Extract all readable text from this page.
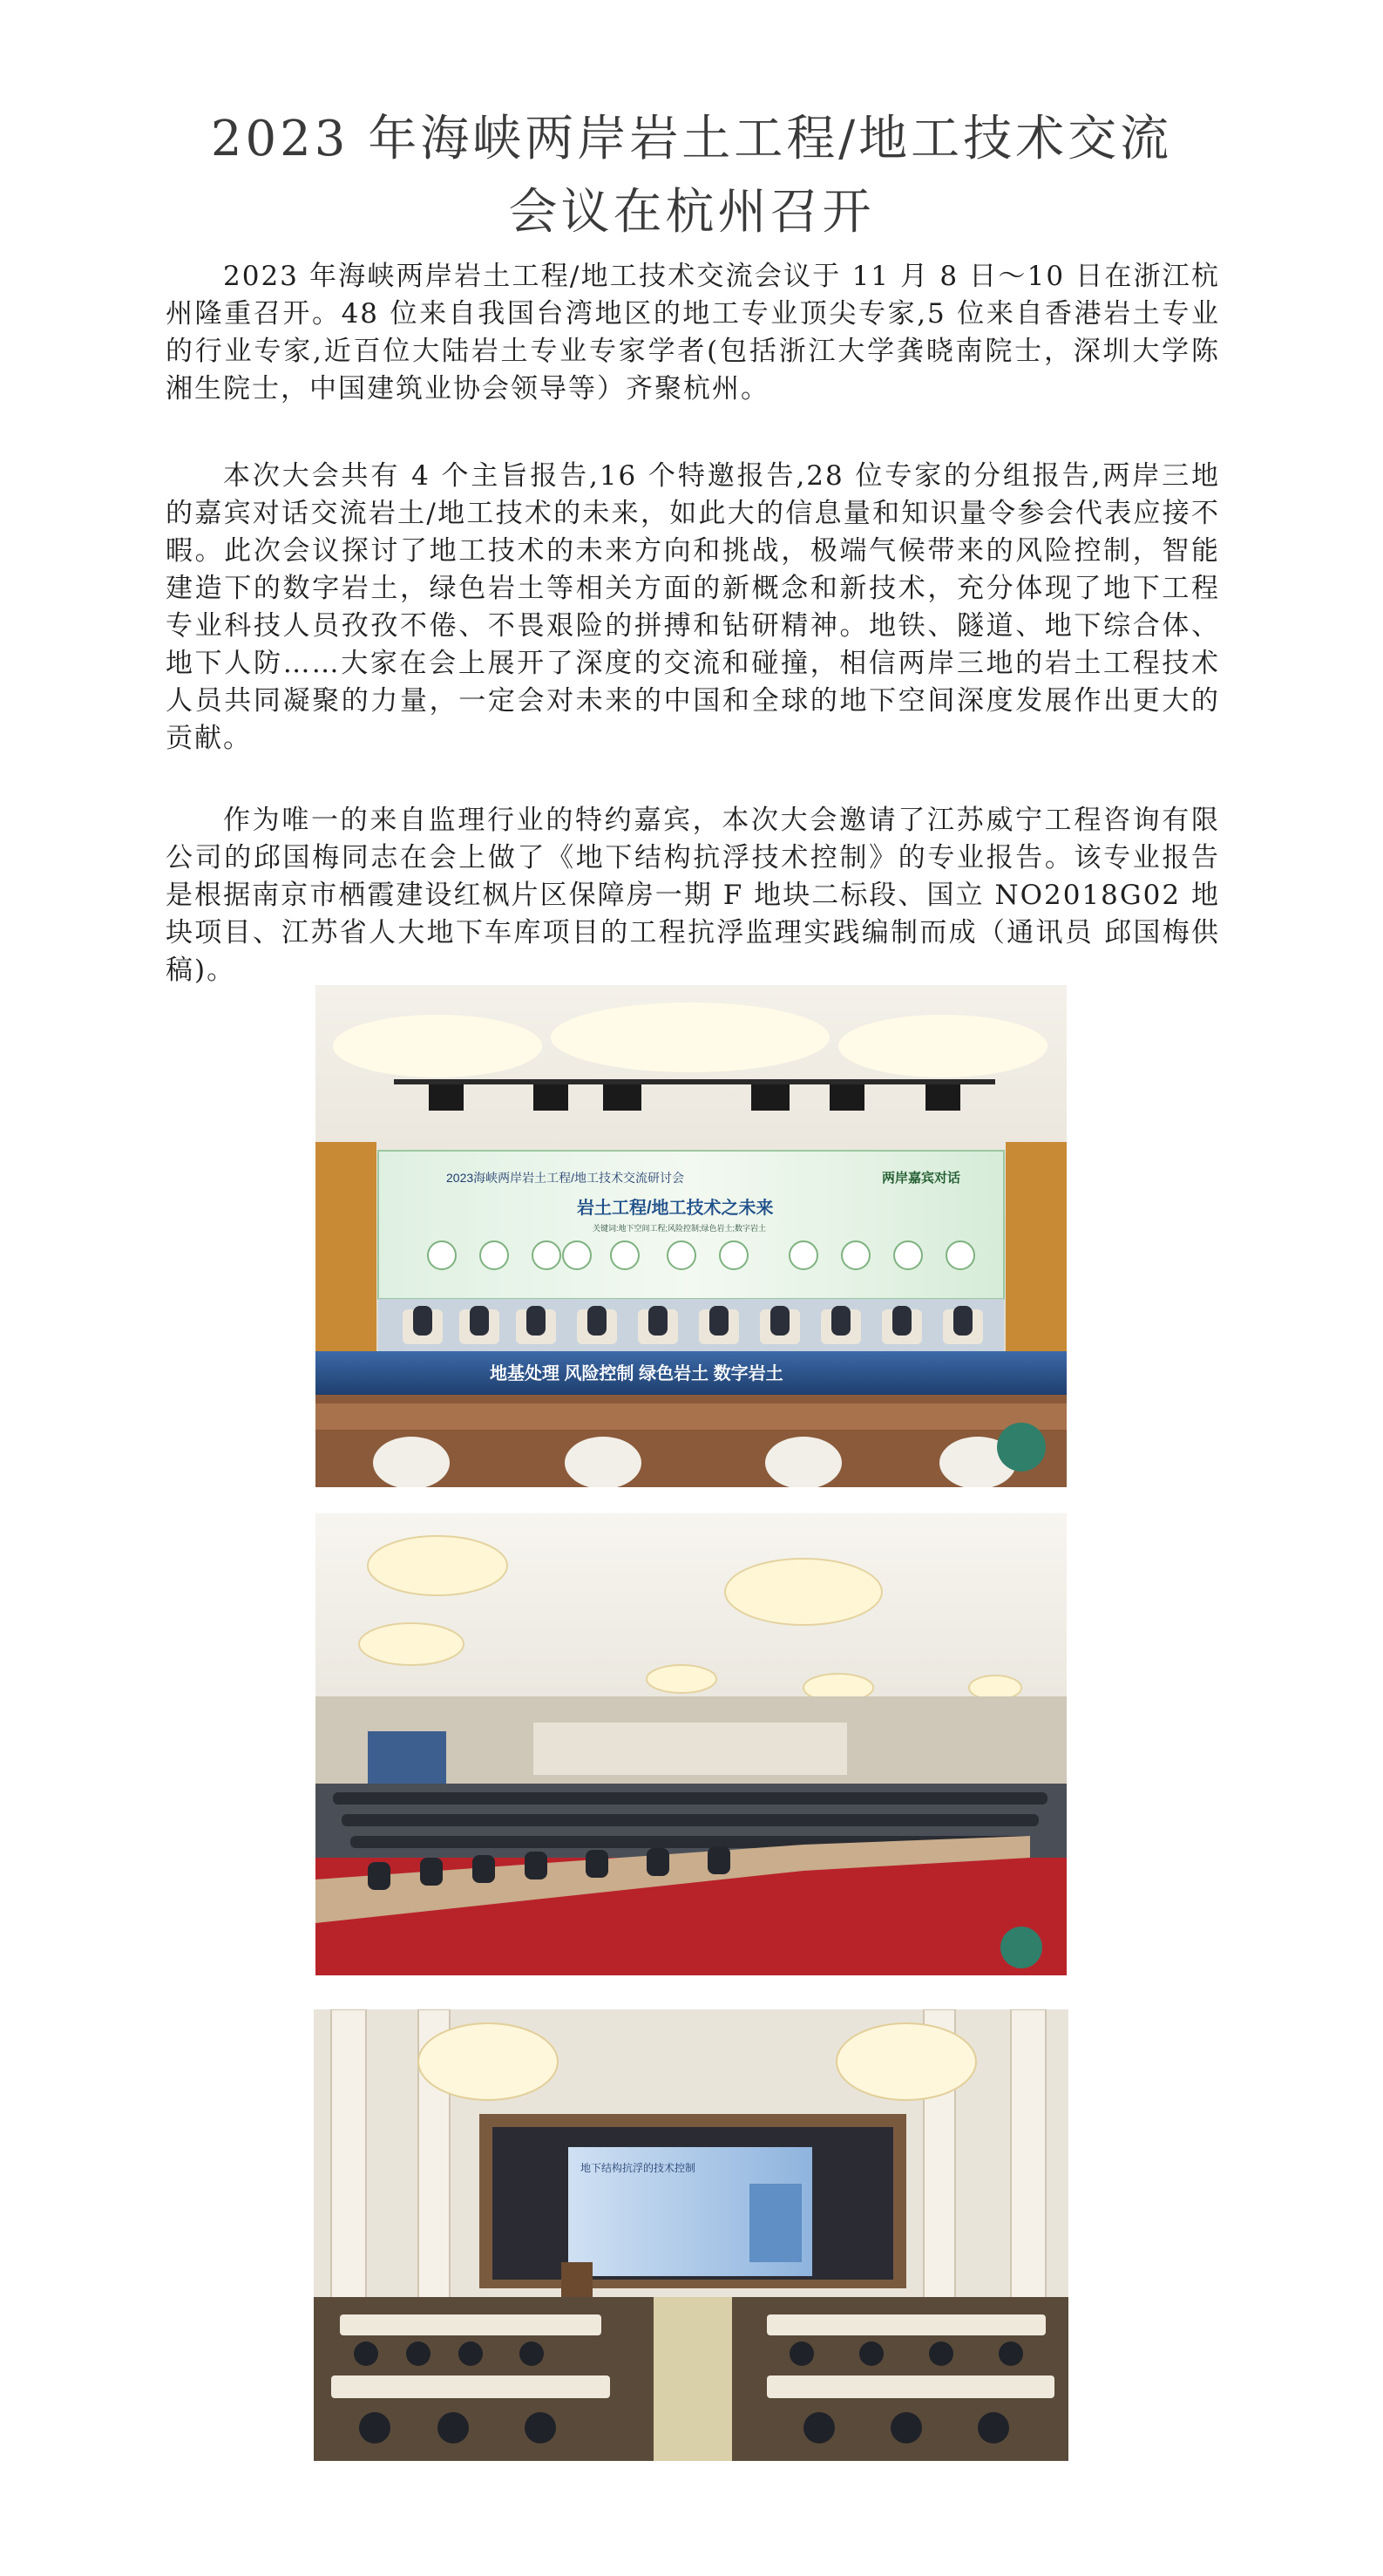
2023 年海峡两岸岩土工程/地工技术交流
会议在杭州召开

2023 年海峡两岸岩土工程/地工技术交流会议于 11 月 8 日～10 日在浙江杭州隆重召开。48 位来自我国台湾地区的地工专业顶尖专家,5 位来自香港岩土专业的行业专家,近百位大陆岩土专业专家学者(包括浙江大学龚晓南院士，深圳大学陈湘生院士，中国建筑业协会领导等）齐聚杭州。

本次大会共有 4 个主旨报告,16 个特邀报告,28 位专家的分组报告,两岸三地的嘉宾对话交流岩土/地工技术的未来，如此大的信息量和知识量令参会代表应接不暇。此次会议探讨了地工技术的未来方向和挑战，极端气候带来的风险控制，智能建造下的数字岩土，绿色岩土等相关方面的新概念和新技术，充分体现了地下工程专业科技人员孜孜不倦、不畏艰险的拼搏和钻研精神。地铁、隧道、地下综合体、地下人防……大家在会上展开了深度的交流和碰撞，相信两岸三地的岩土工程技术人员共同凝聚的力量，一定会对未来的中国和全球的地下空间深度发展作出更大的贡献。

作为唯一的来自监理行业的特约嘉宾，本次大会邀请了江苏威宁工程咨询有限公司的邱国梅同志在会上做了《地下结构抗浮技术控制》的专业报告。该专业报告是根据南京市栖霞建设红枫片区保障房一期 F 地块二标段、国立 NO2018G02 地块项目、江苏省人大地下车库项目的工程抗浮监理实践编制而成（通讯员 邱国梅供稿)。

2023海峡两岸岩土工程/地工技术交流研讨会	两岸嘉宾对话
岩土工程/地工技术之未来
关键词:地下空间工程;风险控制;绿色岩土;数字岩土
地基处理 风险控制 绿色岩土 数字岩土
地下结构抗浮的技术控制
